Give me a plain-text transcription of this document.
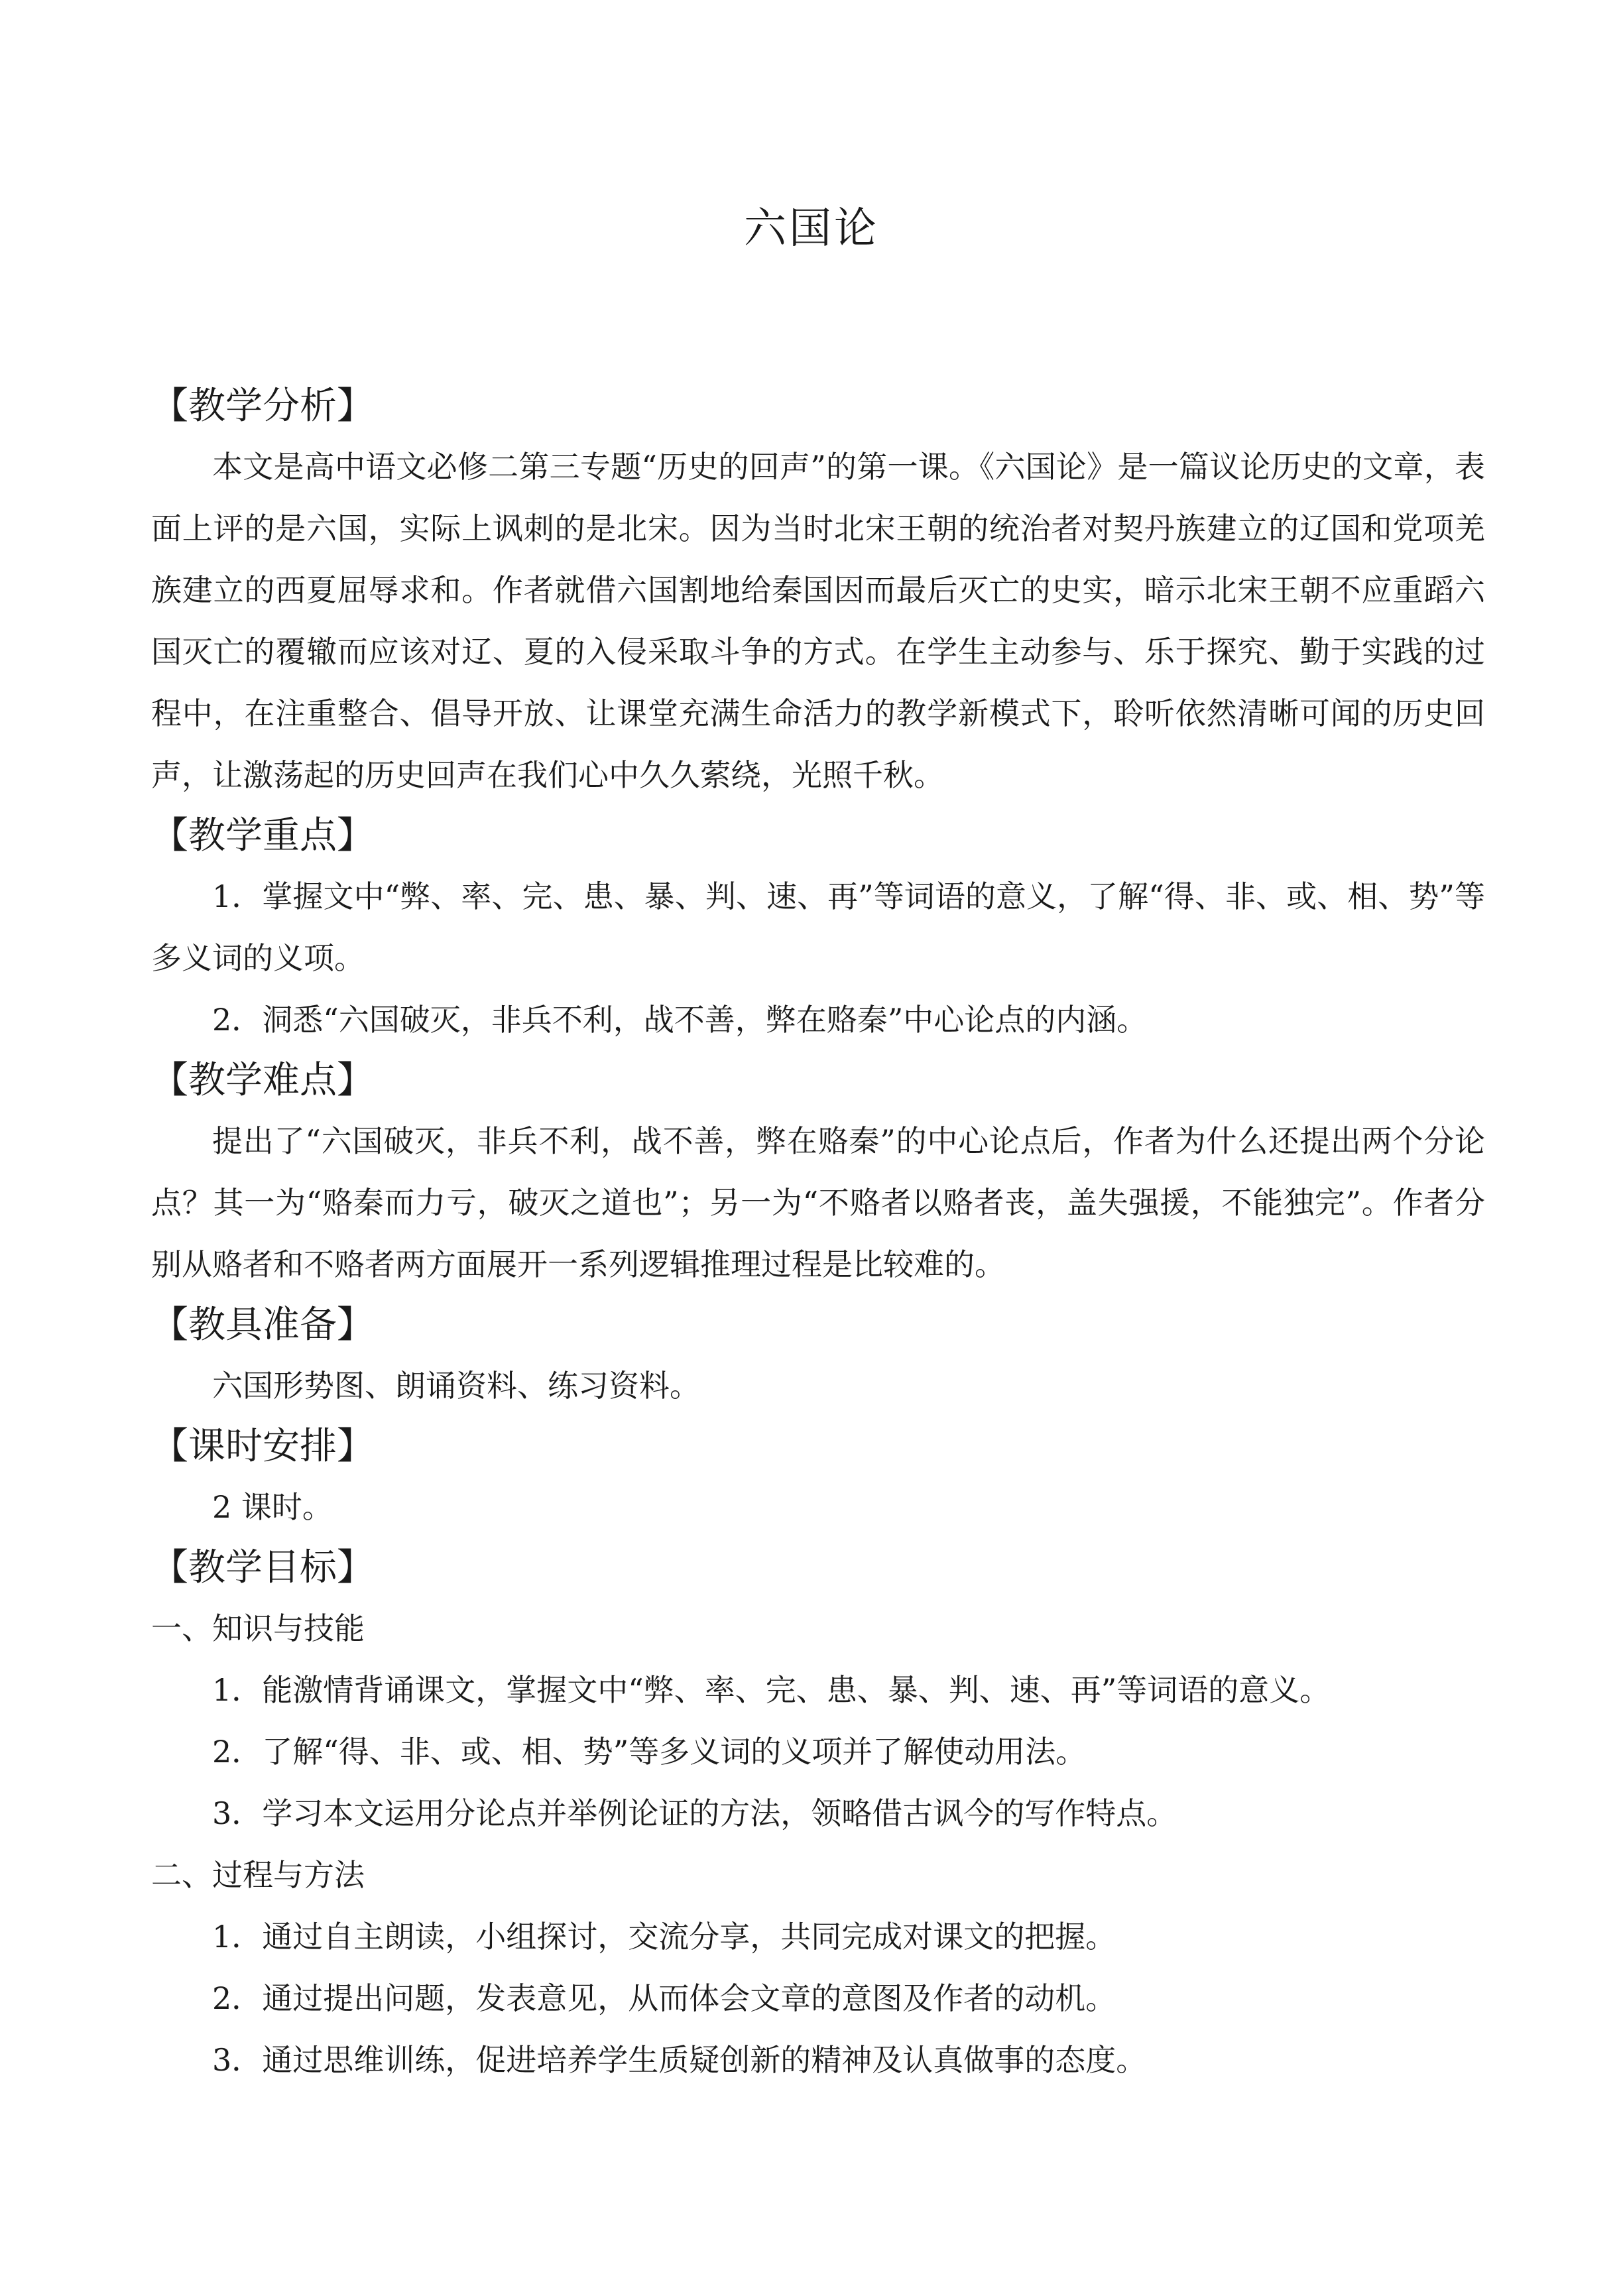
六国论
【教学分析】

本文是高中语文必修二第三专题“历史的回声”的第一课。《六国论》是一篇议论历史的文章，表面上评的是六国，实际上讽刺的是北宋。因为当时北宋王朝的统治者对契丹族建立的辽国和党项羌族建立的西夏屈辱求和。作者就借六国割地给秦国因而最后灭亡的史实，暗示北宋王朝不应重蹈六国灭亡的覆辙而应该对辽、夏的入侵采取斗争的方式。在学生主动参与、乐于探究、勤于实践的过程中，在注重整合、倡导开放、让课堂充满生命活力的教学新模式下，聆听依然清晰可闻的历史回声，让激荡起的历史回声在我们心中久久萦绕，光照千秋。

【教学重点】

1．掌握文中“弊、率、完、患、暴、判、速、再”等词语的意义，了解“得、非、或、相、势”等多义词的义项。

2．洞悉“六国破灭，非兵不利，战不善，弊在赂秦”中心论点的内涵。

【教学难点】

提出了“六国破灭，非兵不利，战不善，弊在赂秦”的中心论点后，作者为什么还提出两个分论点？其一为“赂秦而力亏，破灭之道也”；另一为“不赂者以赂者丧，盖失强援，不能独完”。作者分别从赂者和不赂者两方面展开一系列逻辑推理过程是比较难的。

【教具准备】

六国形势图、朗诵资料、练习资料。

【课时安排】

2 课时。

【教学目标】

一、知识与技能

1．能激情背诵课文，掌握文中“弊、率、完、患、暴、判、速、再”等词语的意义。

2．了解“得、非、或、相、势”等多义词的义项并了解使动用法。

3．学习本文运用分论点并举例论证的方法，领略借古讽今的写作特点。

二、过程与方法

1．通过自主朗读，小组探讨，交流分享，共同完成对课文的把握。

2．通过提出问题，发表意见，从而体会文章的意图及作者的动机。

3．通过思维训练，促进培养学生质疑创新的精神及认真做事的态度。
